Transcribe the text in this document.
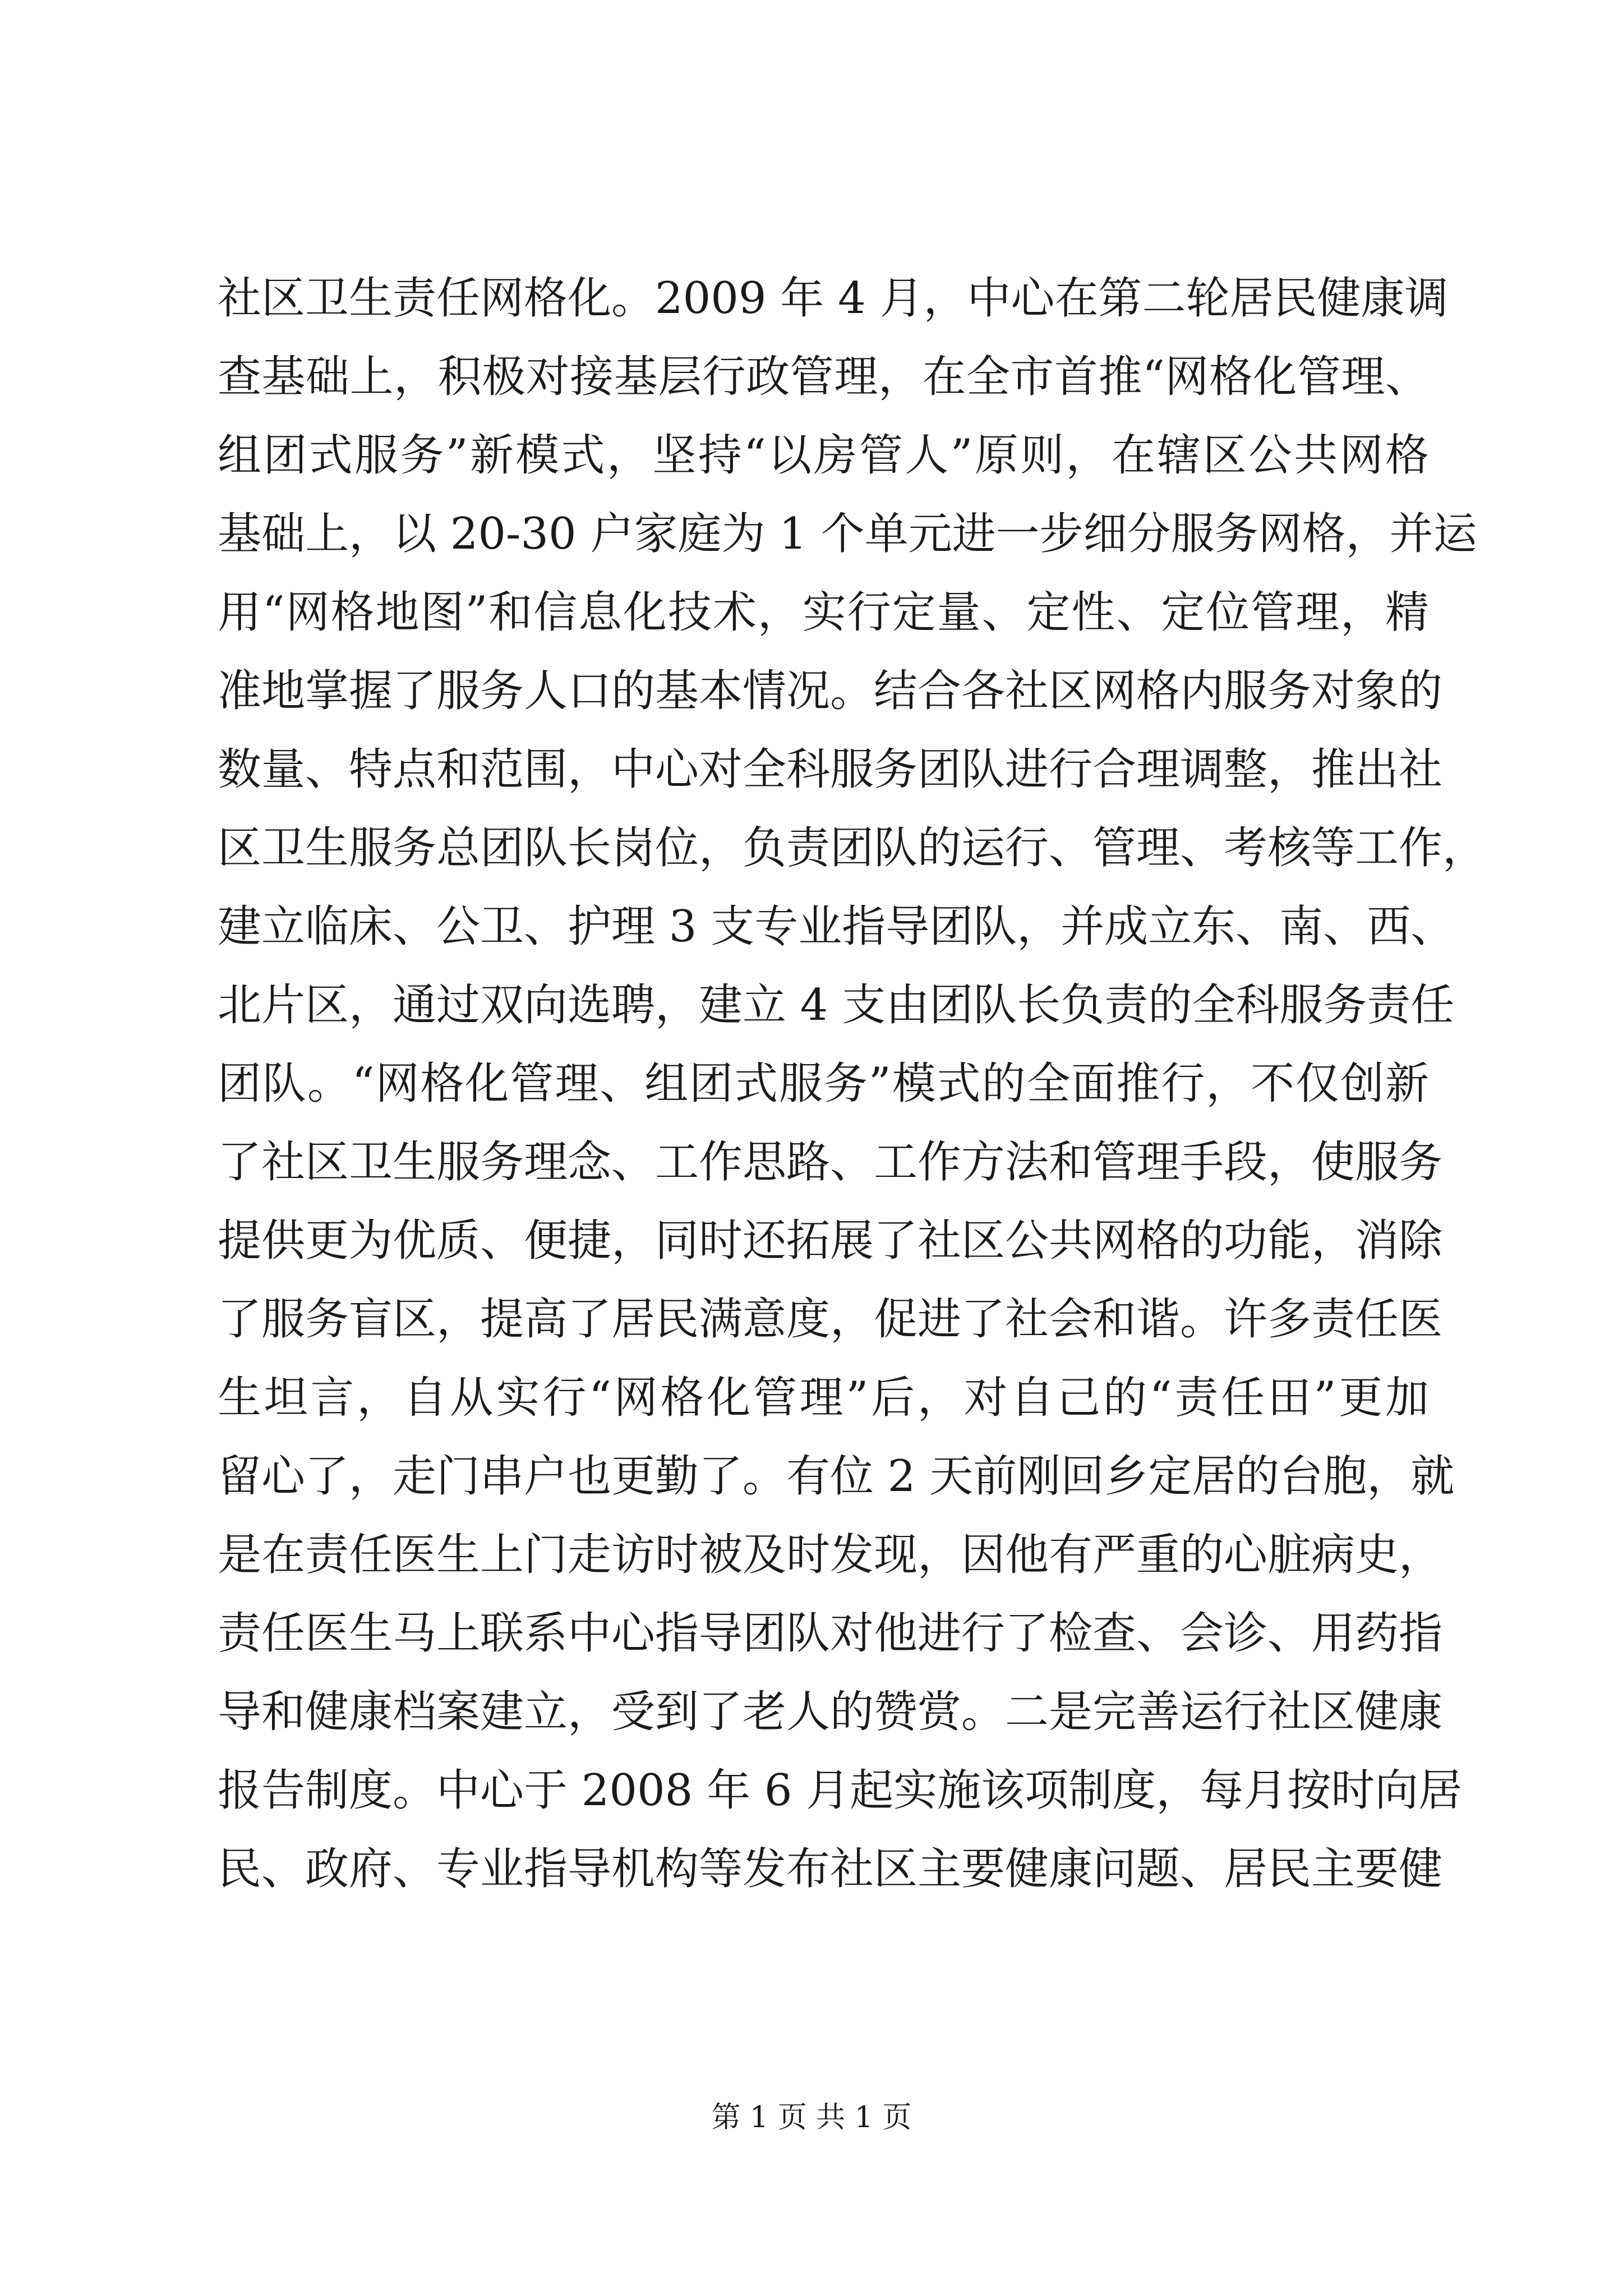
社区卫生责任网格化。2009 年 4 月，中心在第二轮居民健康调
查基础上，积极对接基层行政管理，在全市首推“网格化管理、
组团式服务”新模式，坚持“以房管人”原则，在辖区公共网格
基础上，以 20-30 户家庭为 1 个单元进一步细分服务网格，并运
用“网格地图”和信息化技术，实行定量、定性、定位管理，精
准地掌握了服务人口的基本情况。结合各社区网格内服务对象的
数量、特点和范围，中心对全科服务团队进行合理调整，推出社
区卫生服务总团队长岗位，负责团队的运行、管理、考核等工作，
建立临床、公卫、护理 3 支专业指导团队，并成立东、南、西、
北片区，通过双向选聘，建立 4 支由团队长负责的全科服务责任
团队。“网格化管理、组团式服务”模式的全面推行，不仅创新
了社区卫生服务理念、工作思路、工作方法和管理手段，使服务
提供更为优质、便捷，同时还拓展了社区公共网格的功能，消除
了服务盲区，提高了居民满意度，促进了社会和谐。许多责任医
生坦言，自从实行“网格化管理”后，对自己的“责任田”更加
留心了，走门串户也更勤了。有位 2 天前刚回乡定居的台胞，就
是在责任医生上门走访时被及时发现，因他有严重的心脏病史，
责任医生马上联系中心指导团队对他进行了检查、会诊、用药指
导和健康档案建立，受到了老人的赞赏。二是完善运行社区健康
报告制度。中心于 2008 年 6 月起实施该项制度，每月按时向居
民、政府、专业指导机构等发布社区主要健康问题、居民主要健
第 1 页 共 1 页
